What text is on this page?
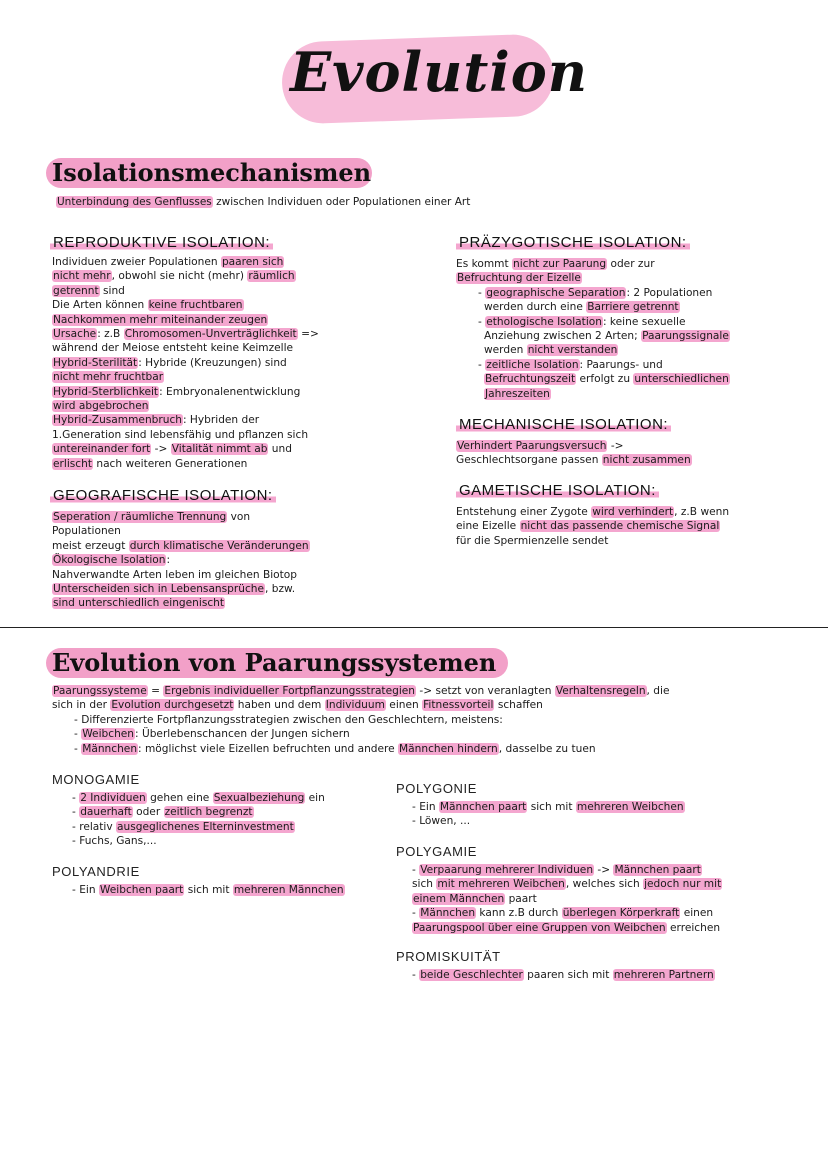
Evolution
Isolationsmechanismen
Unterbindung des Genflusses zwischen Individuen oder Populationen einer Art
REPRODUKTIVE ISOLATION:

Individuen zweier Populationen paaren sich

nicht mehr, obwohl sie nicht (mehr) räumlich

getrennt sind

Die Arten können keine fruchtbaren

Nachkommen mehr miteinander zeugen

Ursache: z.B Chromosomen-Unverträglichkeit =>

während der Meiose entsteht keine Keimzelle

Hybrid-Sterilität: Hybride (Kreuzungen) sind

nicht mehr fruchtbar

Hybrid-Sterblichkeit: Embryonalenentwicklung

wird abgebrochen

Hybrid-Zusammenbruch: Hybriden der

1.Generation sind lebensfähig und pflanzen sich

untereinander fort -> Vitalität nimmt ab und

erlischt nach weiteren Generationen

GEOGRAFISCHE ISOLATION:

Seperation / räumliche Trennung von

Populationen

meist erzeugt durch klimatische Veränderungen

Ökologische Isolation:

Nahverwandte Arten leben im gleichen Biotop

Unterscheiden sich in Lebensansprüche, bzw.

sind unterschiedlich eingenischt

PRÄZYGOTISCHE ISOLATION:

Es kommt nicht zur Paarung oder zur

Befruchtung der Eizelle

- geographische Separation: 2 Populationen

werden durch eine Barriere getrennt

- ethologische Isolation: keine sexuelle

Anziehung zwischen 2 Arten; Paarungssignale

werden nicht verstanden

- zeitliche Isolation: Paarungs- und

Befruchtungszeit erfolgt zu unterschiedlichen

Jahreszeiten

MECHANISCHE ISOLATION:

Verhindert Paarungsversuch ->

Geschlechtsorgane passen nicht zusammen

GAMETISCHE ISOLATION:

Entstehung einer Zygote wird verhindert, z.B wenn

eine Eizelle nicht das passende chemische Signal

für die Spermienzelle sendet

Evolution von Paarungssystemen

Paarungssysteme = Ergebnis individueller Fortpflanzungsstrategien -> setzt von veranlagten Verhaltensregeln, die

sich in der Evolution durchgesetzt haben und dem Individuum einen Fitnessvorteil schaffen

- Differenzierte Fortpflanzungsstrategien zwischen den Geschlechtern, meistens:

- Weibchen: Überlebenschancen der Jungen sichern

- Männchen: möglichst viele Eizellen befruchten und andere Männchen hindern, dasselbe zu tuen

MONOGAMIE

- 2 Individuen gehen eine Sexualbeziehung ein

- dauerhaft oder zeitlich begrenzt

- relativ ausgeglichenes Elterninvestment

- Fuchs, Gans,...

POLYANDRIE

- Ein Weibchen paart sich mit mehreren Männchen

POLYGONIE

- Ein Männchen paart sich mit mehreren Weibchen

- Löwen, ...

POLYGAMIE

- Verpaarung mehrerer Individuen -> Männchen paart

sich mit mehreren Weibchen, welches sich jedoch nur mit

einem Männchen paart

- Männchen kann z.B durch überlegen Körperkraft einen

Paarungspool über eine Gruppen von Weibchen erreichen

PROMISKUITÄT

- beide Geschlechter paaren sich mit mehreren Partnern
